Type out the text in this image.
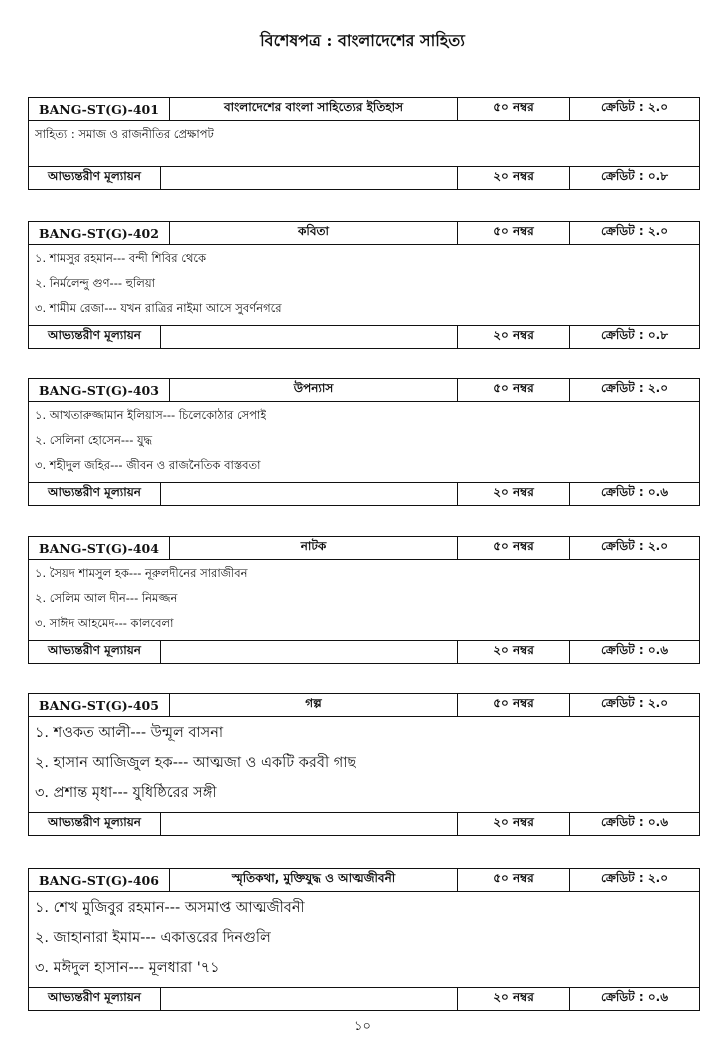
বিশেষপত্র : বাংলাদেশের সাহিত্য
BANG-ST(G)-401	বাংলাদেশের বাংলা সাহিত্যের ইতিহাস	৫০ নম্বর	ক্রেডিট : ২.০
সাহিত্য : সমাজ ও রাজনীতির প্রেক্ষাপট
আভ্যন্তরীণ মূল্যায়ন	২০ নম্বর	ক্রেডিট : ০.৮
BANG-ST(G)-402	কবিতা	৫০ নম্বর	ক্রেডিট : ২.০
১. শামসুর রহমান--- বন্দী শিবির থেকে
২. নির্মলেন্দু গুণ--- হুলিয়া
৩. শামীম রেজা--- যখন রাত্রির নাইমা আসে সুবর্ণনগরে
আভ্যন্তরীণ মূল্যায়ন	২০ নম্বর	ক্রেডিট : ০.৮
BANG-ST(G)-403	উপন্যাস	৫০ নম্বর	ক্রেডিট : ২.০
১. আখতারুজ্জামান ইলিয়াস--- চিলেকোঠার সেপাই
২. সেলিনা হোসেন--- যুদ্ধ
৩. শহীদুল জহির--- জীবন ও রাজনৈতিক বাস্তবতা
আভ্যন্তরীণ মূল্যায়ন	২০ নম্বর	ক্রেডিট : ০.৬
BANG-ST(G)-404	নাটক	৫০ নম্বর	ক্রেডিট : ২.০
১. সৈয়দ শামসুল হক--- নূরুলদীনের সারাজীবন
২. সেলিম আল দীন--- নিমজ্জন
৩. সাঈদ আহমেদ--- কালবেলা
আভ্যন্তরীণ মূল্যায়ন	২০ নম্বর	ক্রেডিট : ০.৬
BANG-ST(G)-405	গল্প	৫০ নম্বর	ক্রেডিট : ২.০
১. শওকত আলী--- উন্মূল বাসনা
২. হাসান আজিজুল হক--- আত্মজা ও একটি করবী গাছ
৩. প্রশান্ত মৃধা--- যুধিষ্ঠিরের সঙ্গী
আভ্যন্তরীণ মূল্যায়ন	২০ নম্বর	ক্রেডিট : ০.৬
BANG-ST(G)-406	স্মৃতিকথা, মুক্তিযুদ্ধ ও আত্মজীবনী	৫০ নম্বর	ক্রেডিট : ২.০
১. শেখ মুজিবুর রহমান--- অসমাপ্ত আত্মজীবনী
২. জাহানারা ইমাম--- একাত্তরের দিনগুলি
৩. মঈদুল হাসান--- মূলধারা '৭১
আভ্যন্তরীণ মূল্যায়ন	২০ নম্বর	ক্রেডিট : ০.৬
১০
